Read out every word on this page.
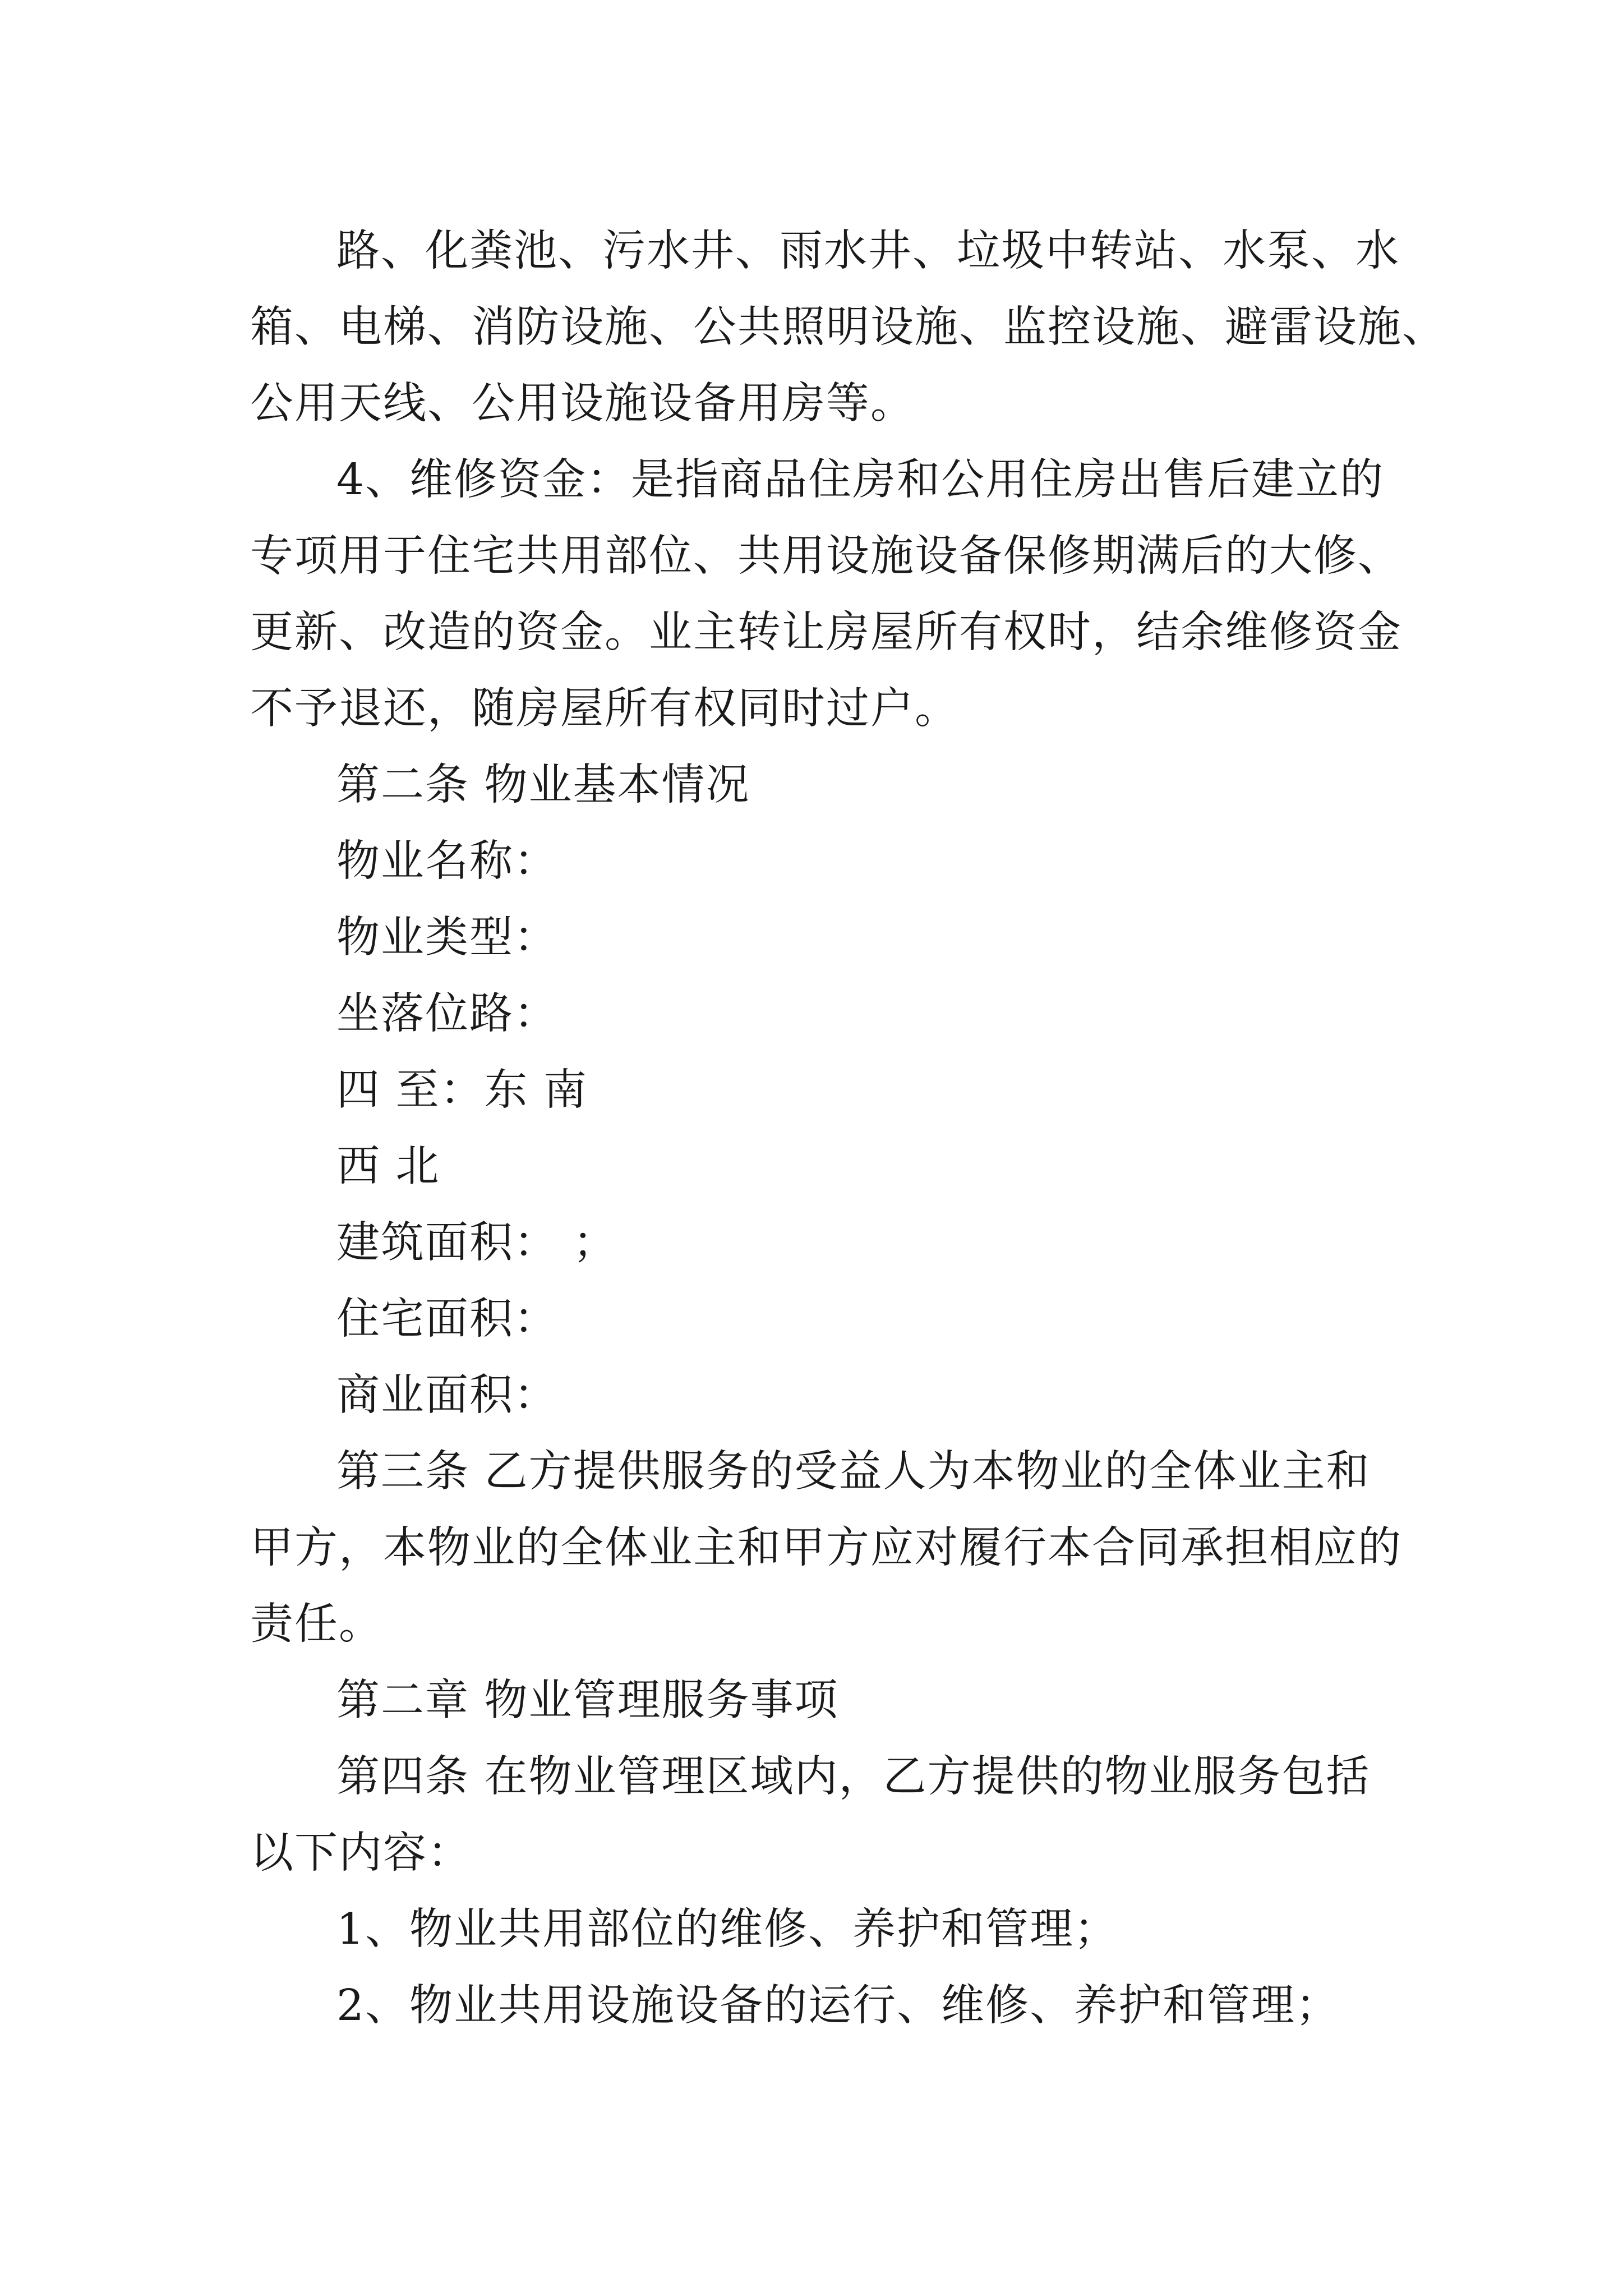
路、化粪池、污水井、雨水井、垃圾中转站、水泵、水
箱、电梯、消防设施、公共照明设施、监控设施、避雷设施、
公用天线、公用设施设备用房等。
4、维修资金：是指商品住房和公用住房出售后建立的
专项用于住宅共用部位、共用设施设备保修期满后的大修、
更新、改造的资金。业主转让房屋所有权时，结余维修资金
不予退还，随房屋所有权同时过户。
第二条 物业基本情况
物业名称：
物业类型：
坐落位路：
四 至：东 南
西 北
建筑面积： ；
住宅面积：
商业面积：
第三条 乙方提供服务的受益人为本物业的全体业主和
甲方，本物业的全体业主和甲方应对履行本合同承担相应的
责任。
第二章 物业管理服务事项
第四条 在物业管理区域内，乙方提供的物业服务包括
以下内容：
1、物业共用部位的维修、养护和管理；
2、物业共用设施设备的运行、维修、养护和管理；
